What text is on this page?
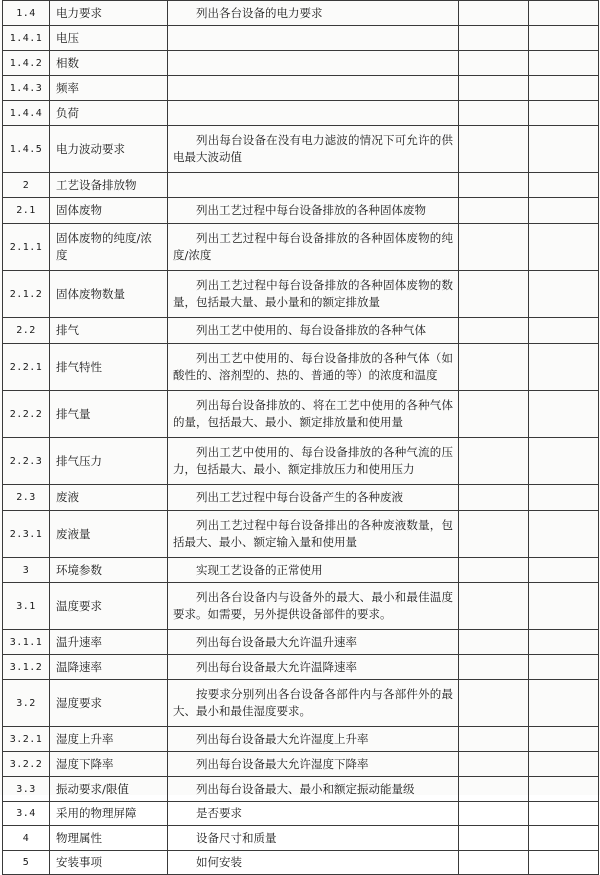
1.4	电力要求	列出各台设备的电力要求		
1.4.1	电压			
1.4.2	相数			
1.4.3	频率			
1.4.4	负荷			
1.4.5	电力波动要求	列出每台设备在没有电力滤波的情况下可允许的供电最大波动值		
2	工艺设备排放物			
2.1	固体废物	列出工艺过程中每台设备排放的各种固体废物		
2.1.1	固体废物的纯度/浓度	列出工艺过程中每台设备排放的各种固体废物的纯度/浓度		
2.1.2	固体废物数量	列出工艺过程中每台设备排放的各种固体废物的数量，包括最大量、最小量和的额定排放量		
2.2	排气	列出工艺中使用的、每台设备排放的各种气体		
2.2.1	排气特性	列出工艺中使用的、每台设备排放的各种气体（如酸性的、溶剂型的、热的、普通的等）的浓度和温度		
2.2.2	排气量	列出每台设备排放的、将在工艺中使用的各种气体的量，包括最大、最小、额定排放量和使用量		
2.2.3	排气压力	列出工艺中使用的、每台设备排放的各种气流的压力，包括最大、最小、额定排放压力和使用压力		
2.3	废液	列出工艺过程中每台设备产生的各种废液		
2.3.1	废液量	列出工艺过程中每台设备排出的各种废液数量，包括最大、最小、额定输入量和使用量		
3	环境参数	实现工艺设备的正常使用		
3.1	温度要求	列出各台设备内与设备外的最大、最小和最佳温度要求。如需要，另外提供设备部件的要求。		
3.1.1	温升速率	列出每台设备最大允许温升速率		
3.1.2	温降速率	列出每台设备最大允许温降速率		
3.2	湿度要求	按要求分别列出各台设备各部件内与各部件外的最大、最小和最佳湿度要求。		
3.2.1	湿度上升率	列出每台设备最大允许湿度上升率		
3.2.2	湿度下降率	列出每台设备最大允许湿度下降率		
3.3	振动要求/限值	列出每台设备最大、最小和额定振动能量级		
3.4	采用的物理屏障	是否要求		
4	物理属性	设备尺寸和质量		
5	安装事项	如何安装		
